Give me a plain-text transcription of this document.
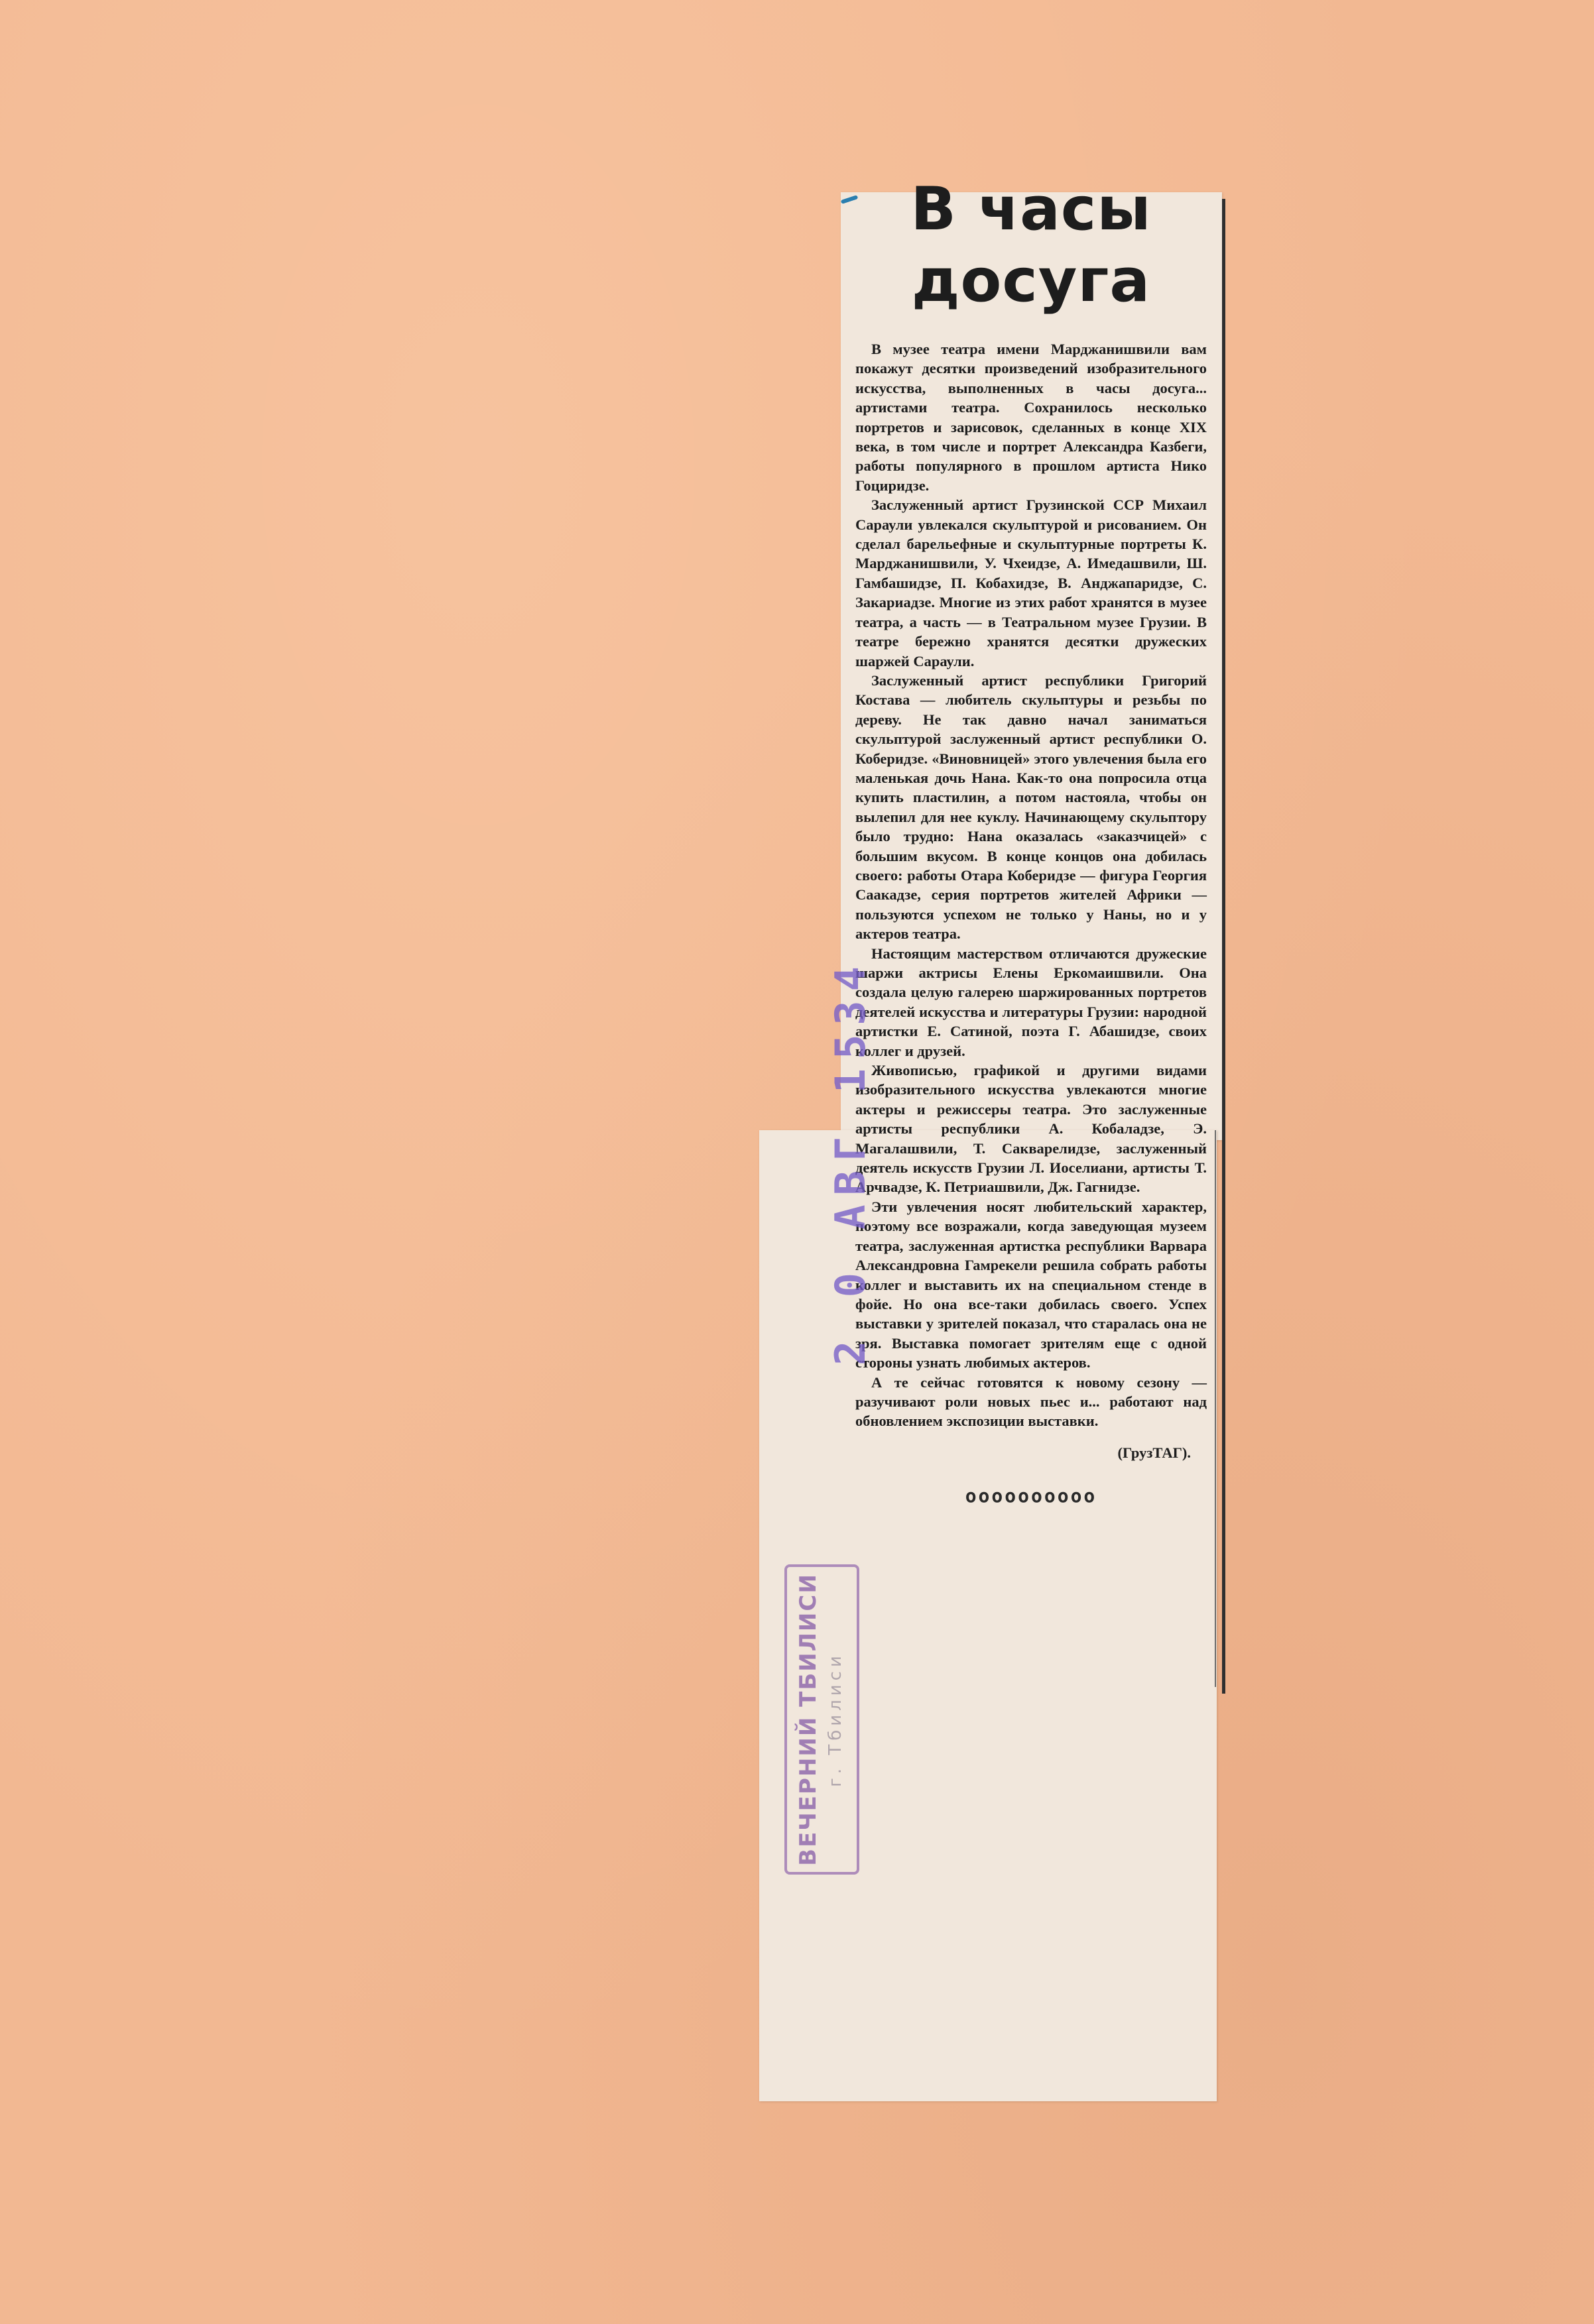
В часы
досуга

В музее театра имени Марджанишвили вам покажут десятки произведений изобразительного искусства, выполненных в часы досуга... артистами театра. Сохранилось несколько портретов и зарисовок, сделанных в конце XIX века, в том числе и портрет Александра Казбеги, работы популярного в прошлом артиста Нико Гоциридзе.

Заслуженный артист Грузинской ССР Михаил Сараули увлекался скульптурой и рисованием. Он сделал барельефные и скульптурные портреты К. Марджанишвили, У. Чхеидзе, А. Имедашвили, Ш. Гамбашидзе, П. Кобахидзе, В. Анджапаридзе, С. Закариадзе. Многие из этих работ хранятся в музее театра, а часть — в Театральном музее Грузии. В театре бережно хранятся десятки дружеских шаржей Сараули.

Заслуженный артист республики Григорий Костава — любитель скульптуры и резьбы по дереву. Не так давно начал заниматься скульптурой заслуженный артист республики О. Коберидзе. «Виновницей» этого увлечения была его маленькая дочь Нана. Как-то она попросила отца купить пластилин, а потом настояла, чтобы он вылепил для нее куклу. Начинающему скульптору было трудно: Нана оказалась «заказчицей» с большим вкусом. В конце концов она добилась своего: работы Отара Коберидзе — фигура Георгия Саакадзе, серия портретов жителей Африки — пользуются успехом не только у Наны, но и у актеров театра.

Настоящим мастерством отличаются дружеские шаржи актрисы Елены Еркомаишвили. Она создала целую галерею шаржированных портретов деятелей искусства и литературы Грузии: народной артистки Е. Сатиной, поэта Г. Абашидзе, своих коллег и друзей.

Живописью, графикой и другими видами изобразительного искусства увлекаются многие актеры и режиссеры театра. Это заслуженные артисты республики А. Кобаладзе, Э. Магалашвили, Т. Сакварелидзе, заслуженный деятель искусств Грузии Л. Иоселиани, артисты Т. Арчвадзе, К. Петриашвили, Дж. Гагнидзе.

Эти увлечения носят любительский характер, поэтому все возражали, когда заведующая музеем театра, заслуженная артистка республики Варвара Александровна Гамрекели решила собрать работы коллег и выставить их на специальном стенде в фойе. Но она все-таки добилась своего. Успех выставки у зрителей показал, что старалась она не зря. Выставка помогает зрителям еще с одной стороны узнать любимых актеров.

А те сейчас готовятся к новому сезону — разучивают роли новых пьес и... работают над обновлением экспозиции выставки.

(ГрузТАГ).

oooooooooo
2 0 АВГ 1534
ВЕЧЕРНИЙ ТБИЛИСИ г. Тбилиси
